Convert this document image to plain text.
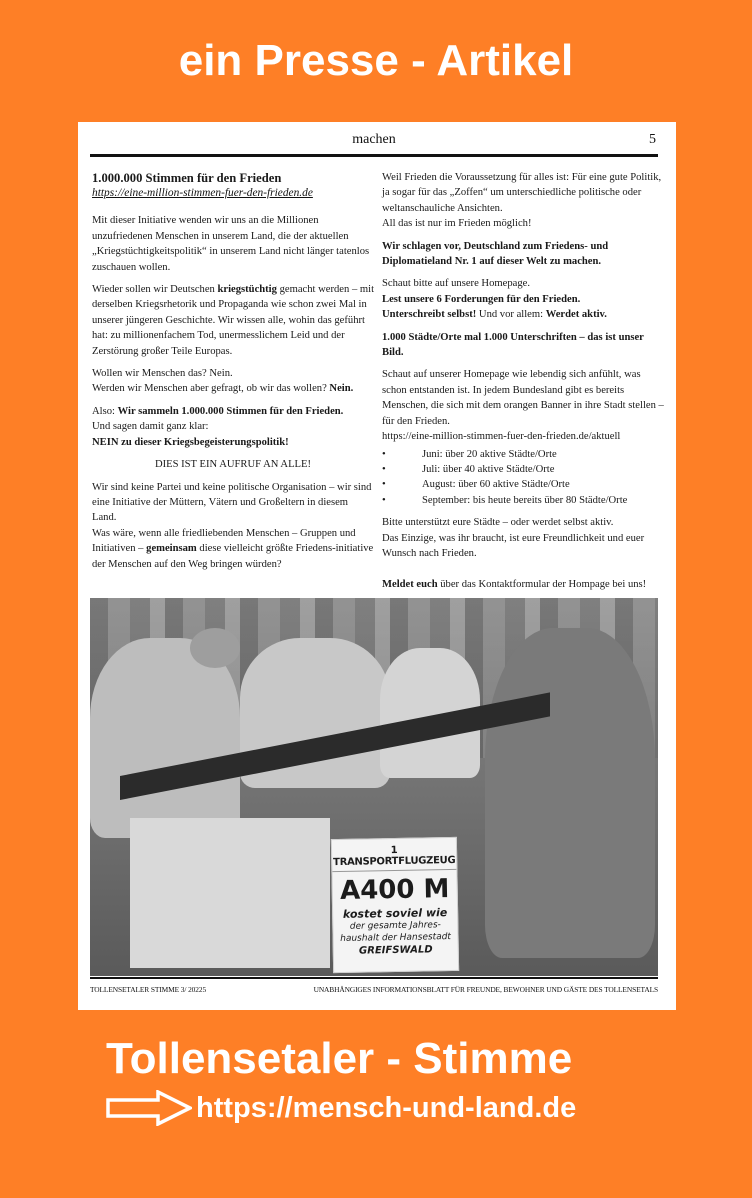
ein Presse - Artikel
machen	5
1.000.000 Stimmen für den Frieden

https://eine-million-stimmen-fuer-den-frieden.de

Mit dieser Initiative wenden wir uns an die Millionen unzufriedenen Menschen in unserem Land, die der aktuellen „Kriegstüchtigkeitspolitik“ in unserem Land nicht länger tatenlos zuschauen wollen.

Wieder sollen wir Deutschen kriegstüchtig gemacht werden – mit derselben Kriegsrhetorik und Propaganda wie schon zwei Mal in unserer jüngeren Geschichte. Wir wissen alle, wohin das geführt hat: zu millionenfachem Tod, unermesslichem Leid und der Zerstörung großer Teile Europas.

Wollen wir Menschen das? Nein.
Werden wir Menschen aber gefragt, ob wir das wollen? Nein.

Also: Wir sammeln 1.000.000 Stimmen für den Frieden.
Und sagen damit ganz klar:
NEIN zu dieser Kriegsbegeisterungspolitik!

DIES IST EIN AUFRUF AN ALLE!

Wir sind keine Partei und keine politische Organisation – wir sind eine Initiative der Müttern, Vätern und Großeltern in diesem Land.

Was wäre, wenn alle friedliebenden Menschen – Gruppen und Initiativen – gemeinsam diese vielleicht größte Friedens-initiative der Menschen auf den Weg bringen würden?

Weil Frieden die Voraussetzung für alles ist: Für eine gute Politik, ja sogar für das „Zoffen“ um unterschiedliche politische oder weltanschauliche Ansichten.
All das ist nur im Frieden möglich!

Wir schlagen vor, Deutschland zum Friedens- und Diplomatieland Nr. 1 auf dieser Welt zu machen.

Schaut bitte auf unsere Homepage.
Lest unsere 6 Forderungen für den Frieden.
Unterschreibt selbst! Und vor allem: Werdet aktiv.

1.000 Städte/Orte mal 1.000 Unterschriften – das ist unser Bild.

Schaut auf unserer Homepage wie lebendig sich anfühlt, was schon entstanden ist. In jedem Bundesland gibt es bereits Menschen, die sich mit dem orangen Banner in ihre Stadt stellen – für den Frieden.
https://eine-million-stimmen-fuer-den-frieden.de/aktuell

• Juni: über 20 aktive Städte/Orte
• Juli: über 40 aktive Städte/Orte
• August: über 60 aktive Städte/Orte
• September: bis heute bereits über 80 Städte/Orte

Bitte unterstützt eure Städte – oder werdet selbst aktiv.
Das Einzige, was ihr braucht, ist eure Freundlichkeit und euer Wunsch nach Frieden.

Meldet euch über das Kontaktformular der Hompage bei uns!

1 TRANSPORTFLUGZEUG
A400 M
kostet soviel wie
der gesamte Jahres-
haushalt der Hansestadt
GREIFSWALD
TOLLENSETALER STIMME 3/ 20225	UNABHÄNGIGES INFORMATIONSBLATT FÜR FREUNDE, BEWOHNER UND GÄSTE DES TOLLENSETALS
Tollensetaler - Stimme
https://mensch-und-land.de
